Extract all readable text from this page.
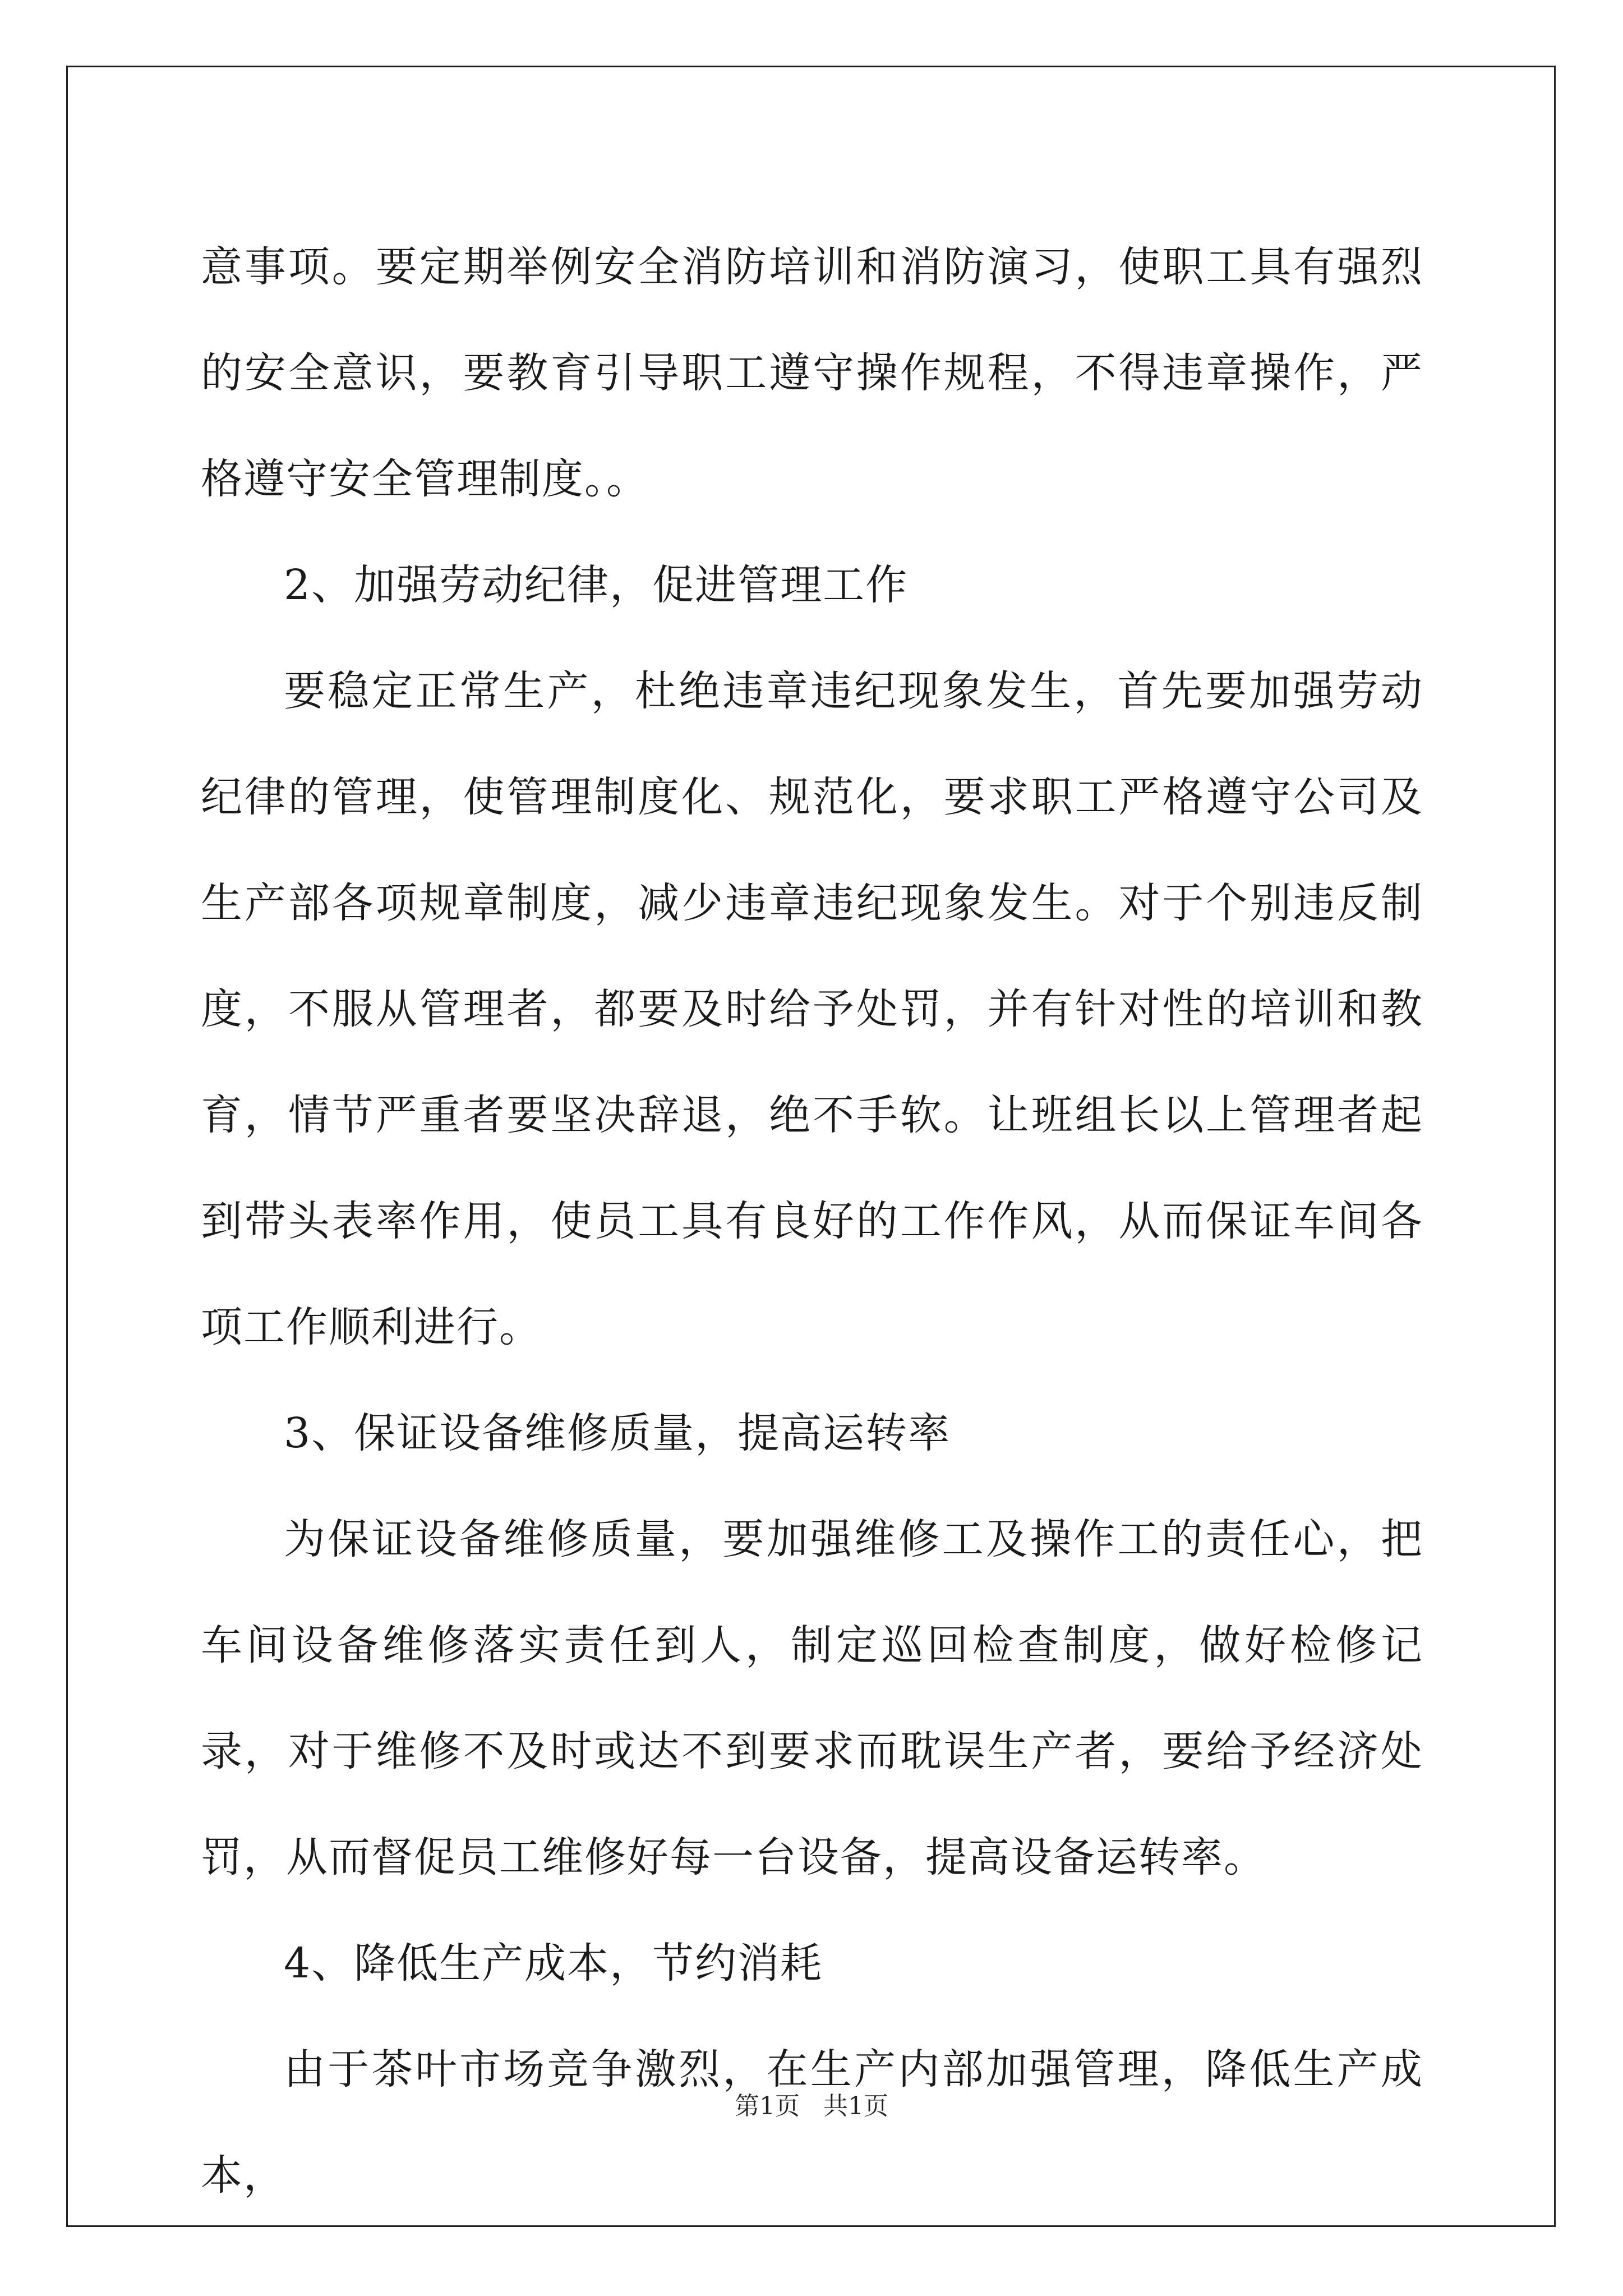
意事项。要定期举例安全消防培训和消防演习，使职工具有强烈的安全意识，要教育引导职工遵守操作规程，不得违章操作，严格遵守安全管理制度。。

2、加强劳动纪律，促进管理工作

要稳定正常生产，杜绝违章违纪现象发生，首先要加强劳动纪律的管理，使管理制度化、规范化，要求职工严格遵守公司及生产部各项规章制度，减少违章违纪现象发生。对于个别违反制度，不服从管理者，都要及时给予处罚，并有针对性的培训和教育，情节严重者要坚决辞退，绝不手软。让班组长以上管理者起到带头表率作用，使员工具有良好的工作作风，从而保证车间各项工作顺利进行。

3、保证设备维修质量，提高运转率

为保证设备维修质量，要加强维修工及操作工的责任心，把车间设备维修落实责任到人，制定巡回检查制度，做好检修记录，对于维修不及时或达不到要求而耽误生产者，要给予经济处罚，从而督促员工维修好每一台设备，提高设备运转率。

4、降低生产成本，节约消耗

由于茶叶市场竞争激烈，在生产内部加强管理，降低生产成本，

第1页   共1页
